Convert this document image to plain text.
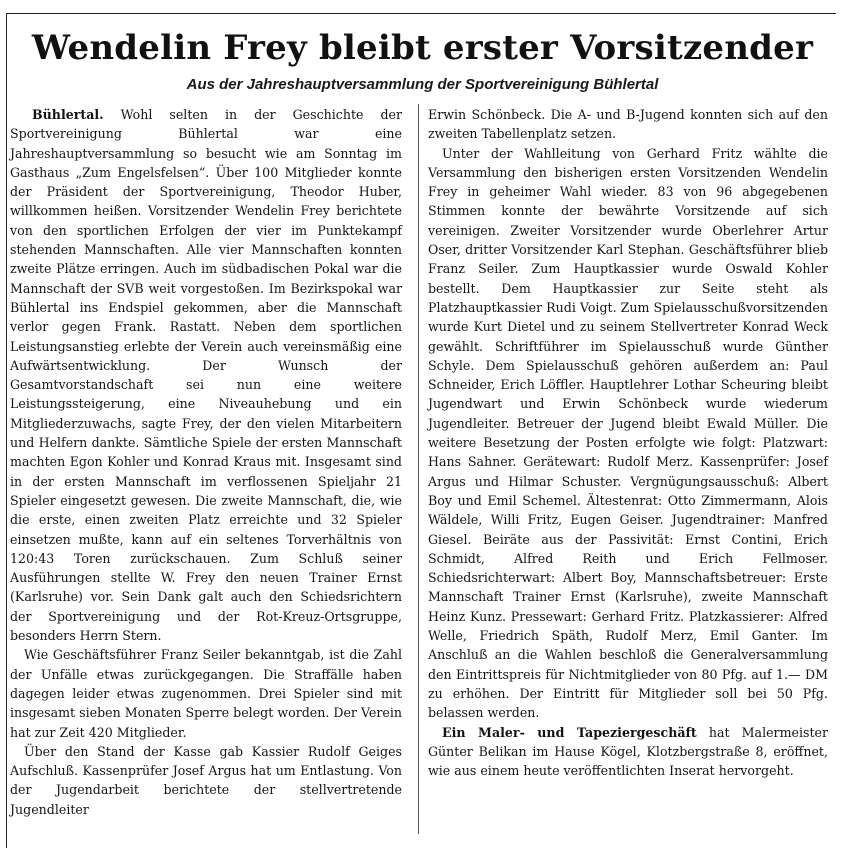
Wendelin Frey bleibt erster Vorsitzender
Aus der Jahreshauptversammlung der Sportvereinigung Bühlertal

Bühlertal. Wohl selten in der Geschichte der Sportvereinigung Bühlertal war eine Jahreshauptversammlung so besucht wie am Sonntag im Gasthaus „Zum Engelsfelsen“. Über 100 Mitglieder konnte der Präsident der Sportvereinigung, Theodor Huber, willkommen heißen. Vorsitzender Wendelin Frey berichtete von den sportlichen Erfolgen der vier im Punktekampf stehenden Mannschaften. Alle vier Mannschaften konnten zweite Plätze erringen. Auch im südbadischen Pokal war die Mannschaft der SVB weit vorgestoßen. Im Bezirkspokal war Bühlertal ins Endspiel gekommen, aber die Mannschaft verlor gegen Frank. Rastatt. Neben dem sportlichen Leistungsanstieg erlebte der Verein auch vereinsmäßig eine Aufwärtsentwicklung. Der Wunsch der Gesamtvorstandschaft sei nun eine weitere Leistungssteigerung, eine Niveauhebung und ein Mitgliederzuwachs, sagte Frey, der den vielen Mitarbeitern und Helfern dankte. Sämtliche Spiele der ersten Mannschaft machten Egon Kohler und Konrad Kraus mit. Insgesamt sind in der ersten Mannschaft im verflossenen Spieljahr 21 Spieler eingesetzt gewesen. Die zweite Mannschaft, die, wie die erste, einen zweiten Platz erreichte und 32 Spieler einsetzen mußte, kann auf ein seltenes Torverhältnis von 120:43 Toren zurückschauen. Zum Schluß seiner Ausführungen stellte W. Frey den neuen Trainer Ernst (Karlsruhe) vor. Sein Dank galt auch den Schiedsrichtern der Sportvereinigung und der Rot-Kreuz-Ortsgruppe, besonders Herrn Stern.

Wie Geschäftsführer Franz Seiler bekanntgab, ist die Zahl der Unfälle etwas zurückgegangen. Die Straffälle haben dagegen leider etwas zugenommen. Drei Spieler sind mit insgesamt sieben Monaten Sperre belegt worden. Der Verein hat zur Zeit 420 Mitglieder.

Über den Stand der Kasse gab Kassier Rudolf Geiges Aufschluß. Kassenprüfer Josef Argus hat um Entlastung. Von der Jugendarbeit berichtete der stellvertretende Jugendleiter

Erwin Schönbeck. Die A- und B-Jugend konnten sich auf den zweiten Tabellenplatz setzen.

Unter der Wahlleitung von Gerhard Fritz wählte die Versammlung den bisherigen ersten Vorsitzenden Wendelin Frey in geheimer Wahl wieder. 83 von 96 abgegebenen Stimmen konnte der bewährte Vorsitzende auf sich vereinigen. Zweiter Vorsitzender wurde Oberlehrer Artur Oser, dritter Vorsitzender Karl Stephan. Geschäftsführer blieb Franz Seiler. Zum Hauptkassier wurde Oswald Kohler bestellt. Dem Hauptkassier zur Seite steht als Platzhauptkassier Rudi Voigt. Zum Spielausschußvorsitzenden wurde Kurt Dietel und zu seinem Stellvertreter Konrad Weck gewählt. Schriftführer im Spielausschuß wurde Günther Schyle. Dem Spielausschuß gehören außerdem an: Paul Schneider, Erich Löffler. Hauptlehrer Lothar Scheuring bleibt Jugendwart und Erwin Schönbeck wurde wiederum Jugendleiter. Betreuer der Jugend bleibt Ewald Müller. Die weitere Besetzung der Posten erfolgte wie folgt: Platzwart: Hans Sahner. Gerätewart: Rudolf Merz. Kassenprüfer: Josef Argus und Hilmar Schuster. Vergnügungsausschuß: Albert Boy und Emil Schemel. Ältestenrat: Otto Zimmermann, Alois Wäldele, Willi Fritz, Eugen Geiser. Jugendtrainer: Manfred Giesel. Beiräte aus der Passivität: Ernst Contini, Erich Schmidt, Alfred Reith und Erich Fellmoser. Schiedsrichterwart: Albert Boy, Mannschaftsbetreuer: Erste Mannschaft Trainer Ernst (Karlsruhe), zweite Mannschaft Heinz Kunz. Pressewart: Gerhard Fritz. Platzkassierer: Alfred Welle, Friedrich Späth, Rudolf Merz, Emil Ganter. Im Anschluß an die Wahlen beschloß die Generalversammlung den Eintrittspreis für Nichtmitglieder von 80 Pfg. auf 1.— DM zu erhöhen. Der Eintritt für Mitglieder soll bei 50 Pfg. belassen werden.

Ein Maler- und Tapeziergeschäft hat Malermeister Günter Belikan im Hause Kögel, Klotzbergstraße 8, eröffnet, wie aus einem heute veröffentlichten Inserat hervorgeht.
